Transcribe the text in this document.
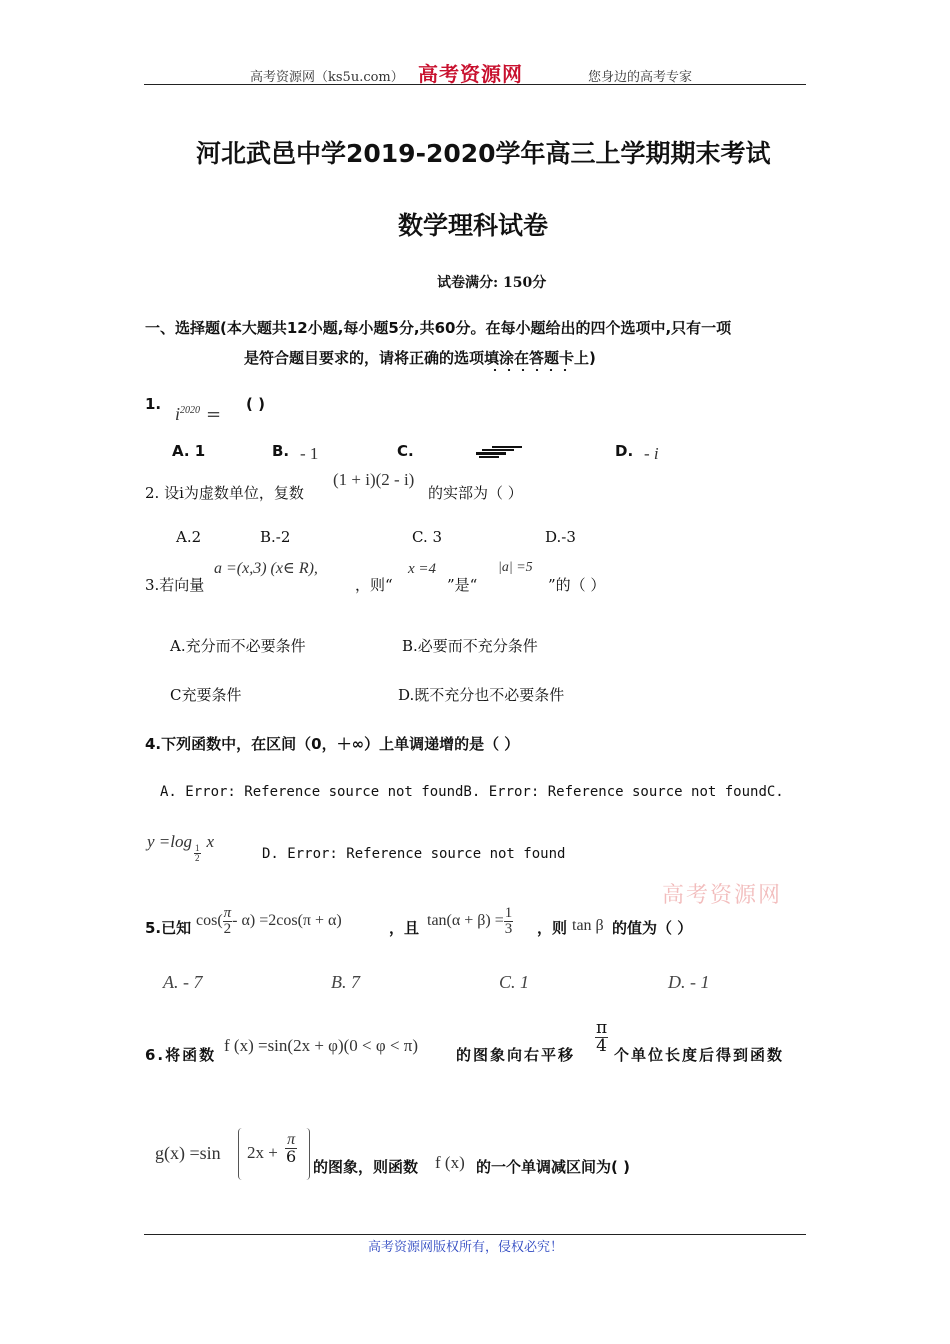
高考资源网（ks5u.com） 高考资源网	您身边的高考专家
河北武邑中学2019-2020学年高三上学期期末考试
数学理科试卷
试卷满分: 150分
一、选择题(本大题共12小题,每小题5分,共60分。在每小题给出的四个选项中,只有一项
是符合题目要求的，请将正确的选项填涂在答题卡上)
1. $i^{2020}$ = ( )
A. 1	B. - 1	C.	D. - i
2. 设i为虚数单位，复数
(1 + i)(2 - i)
的实部为（ ）
A.2	B.-2	C. 3	D.-3
3.若向量
a =(x,3) (x∈ R),
，则“
x =4
”是“
|a| =5
”的（ ）
A.充分而不必要条件	B.必要而不充分条件
C充要条件	D.既不充分也不必要条件
4.下列函数中，在区间（0，＋∞）上单调递增的是（ ）
A. Error: Reference source not foundB. Error: Reference source not foundC.
y =log
$\frac{1}{2}$
x
D. Error: Reference source not found
高考资源网
5.已知 $\cos( \frac{\pi}{2} - \alpha) =2\cos(\pi + \alpha)$	，且 $\tan(\alpha + \beta) = \frac{1}{3}$ ，则 tan β 的值为（ ）
A. - 7	B. 7	C. 1	D. - 1
6.将函数 f (x) =sin(2x + φ)(0 < φ < π)	的图象向右平移 $\frac{\pi}{4}$ 个单位长度后得到函数
g(x) =sin $2x + \frac{\pi}{6}$
的图象，则函数 f (x) 的一个单调减区间为( )
高考资源网版权所有，侵权必究！
